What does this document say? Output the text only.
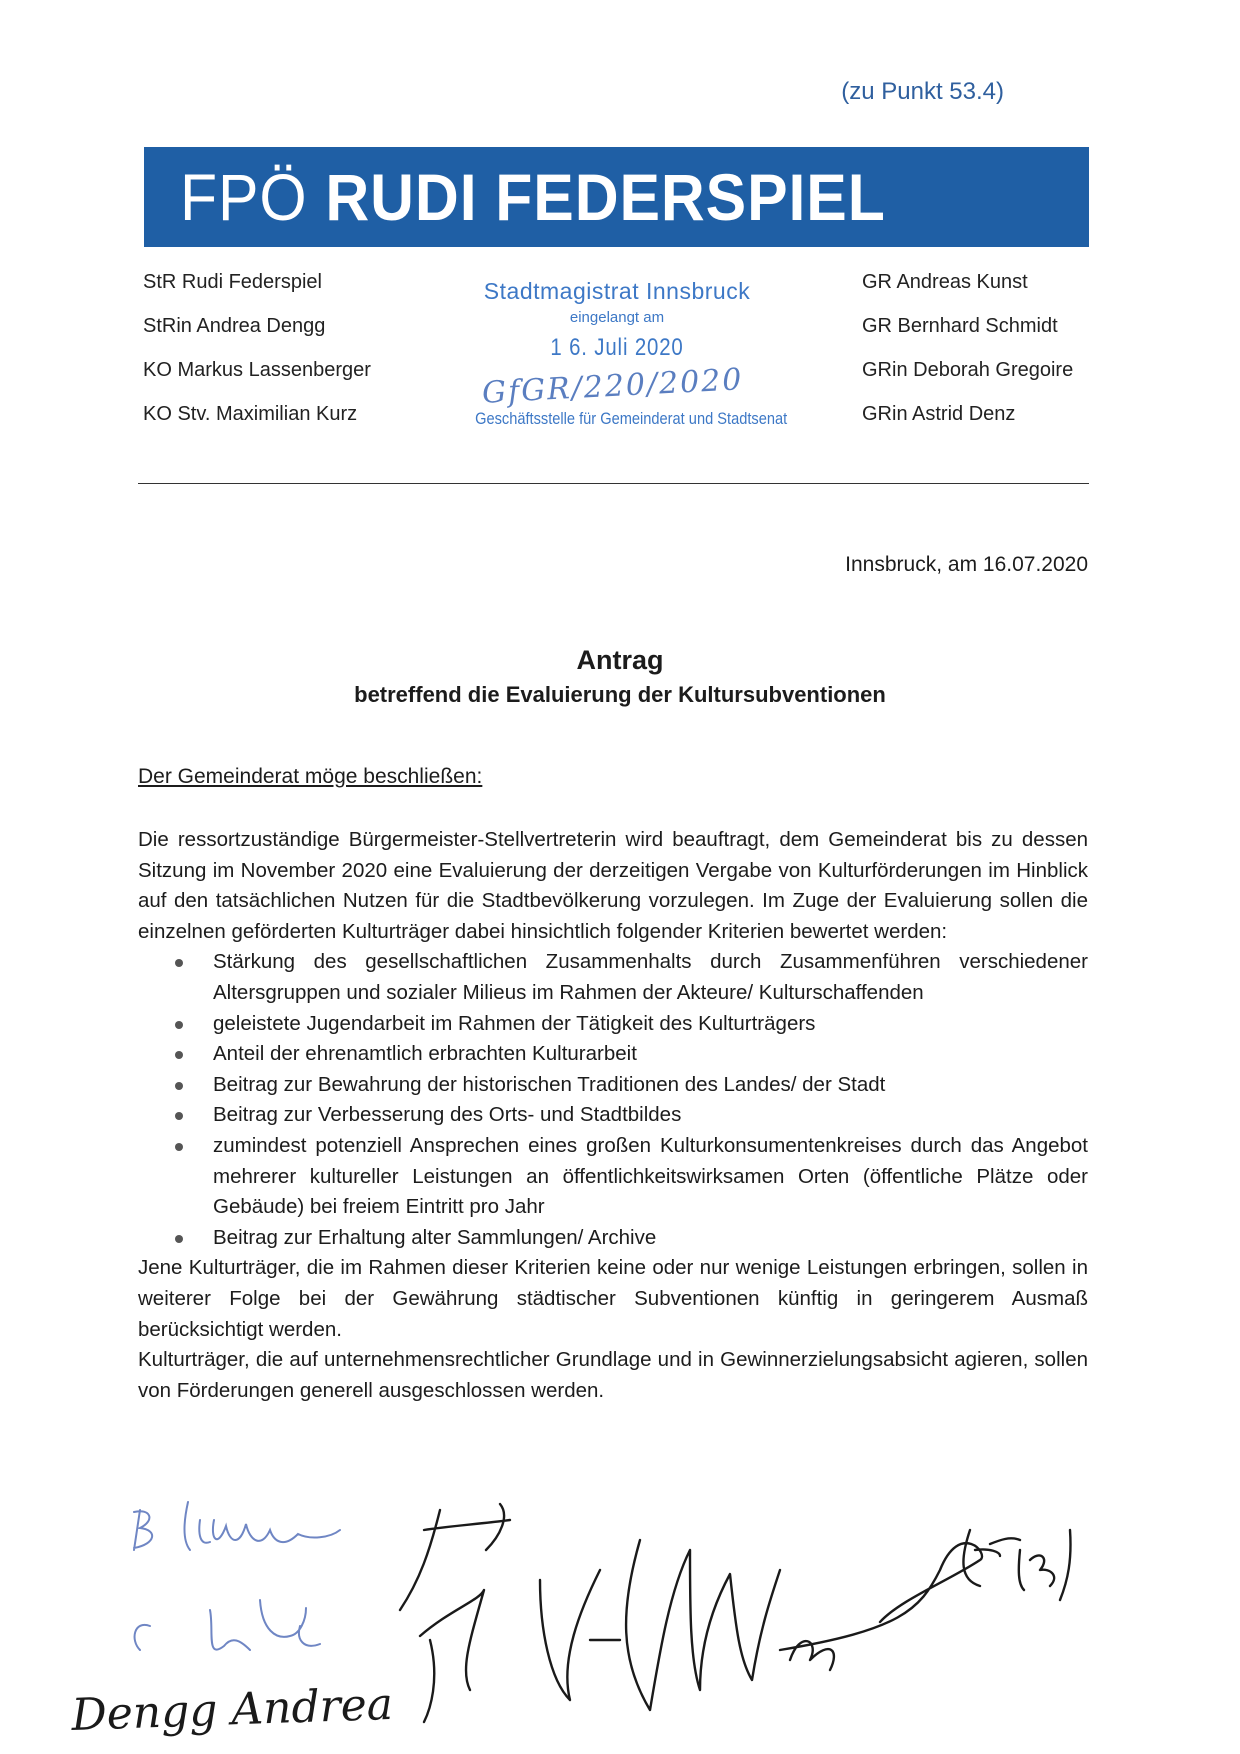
(zu Punkt 53.4)
FPÖ RUDI FEDERSPIEL
StR Rudi Federspiel
StRin Andrea Dengg
KO Markus Lassenberger
KO Stv. Maximilian Kurz
Stadtmagistrat Innsbruck
eingelangt am
1 6. Juli 2020
GfGR/220/2020
Geschäftsstelle für Gemeinderat und Stadtsenat
GR Andreas Kunst
GR Bernhard Schmidt
GRin Deborah Gregoire
GRin Astrid Denz
Innsbruck, am 16.07.2020
Antrag
betreffend die Evaluierung der Kultursubventionen
Der Gemeinderat möge beschließen:

Die ressortzuständige Bürgermeister-Stellvertreterin wird beauftragt, dem Gemeinderat bis zu dessen Sitzung im November 2020 eine Evaluierung der derzeitigen Vergabe von Kulturförderungen im Hinblick auf den tatsächlichen Nutzen für die Stadtbevölkerung vorzulegen. Im Zuge der Evaluierung sollen die einzelnen geförderten Kulturträger dabei hinsichtlich folgender Kriterien bewertet werden:

Stärkung des gesellschaftlichen Zusammenhalts durch Zusammenführen verschiedener Altersgruppen und sozialer Milieus im Rahmen der Akteure/ Kulturschaffenden
geleistete Jugendarbeit im Rahmen der Tätigkeit des Kulturträgers
Anteil der ehrenamtlich erbrachten Kulturarbeit
Beitrag zur Bewahrung der historischen Traditionen des Landes/ der Stadt
Beitrag zur Verbesserung des Orts- und Stadtbildes
zumindest potenziell Ansprechen eines großen Kulturkonsumentenkreises durch das Angebot mehrerer kultureller Leistungen an öffentlichkeitswirksamen Orten (öffentliche Plätze oder Gebäude) bei freiem Eintritt pro Jahr
Beitrag zur Erhaltung alter Sammlungen/ Archive

Jene Kulturträger, die im Rahmen dieser Kriterien keine oder nur wenige Leistungen erbringen, sollen in weiterer Folge bei der Gewährung städtischer Subventionen künftig in geringerem Ausmaß berücksichtigt werden.

Kulturträger, die auf unternehmensrechtlicher Grundlage und in Gewinnerzielungsabsicht agieren, sollen von Förderungen generell ausgeschlossen werden.

Dengg Andrea
